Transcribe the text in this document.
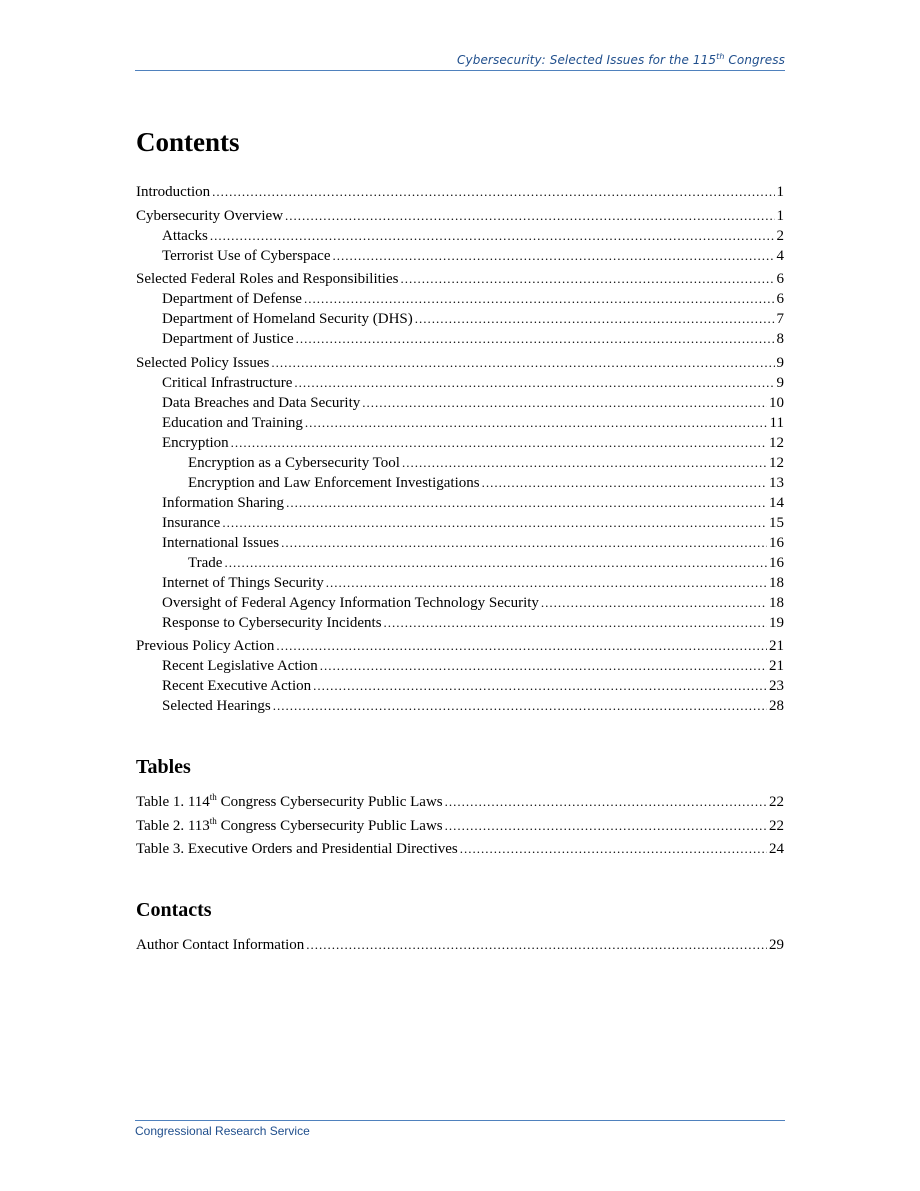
Cybersecurity: Selected Issues for the 115th Congress
Contents
Introduction .....	1
Cybersecurity Overview .....	1
Attacks .....	2
Terrorist Use of Cyberspace .....	4
Selected Federal Roles and Responsibilities .....	6
Department of Defense .....	6
Department of Homeland Security (DHS) .....	7
Department of Justice .....	8
Selected Policy Issues .....	9
Critical Infrastructure .....	9
Data Breaches and Data Security .....	10
Education and Training .....	11
Encryption .....	12
Encryption as a Cybersecurity Tool .....	12
Encryption and Law Enforcement Investigations .....	13
Information Sharing .....	14
Insurance .....	15
International Issues .....	16
Trade .....	16
Internet of Things Security .....	18
Oversight of Federal Agency Information Technology Security .....	18
Response to Cybersecurity Incidents .....	19
Previous Policy Action .....	21
Recent Legislative Action .....	21
Recent Executive Action .....	23
Selected Hearings .....	28
Tables
Table 1. 114th Congress Cybersecurity Public Laws .....	22
Table 2. 113th Congress Cybersecurity Public Laws .....	22
Table 3. Executive Orders and Presidential Directives .....	24
Contacts
Author Contact Information .....	29
Congressional Research Service
